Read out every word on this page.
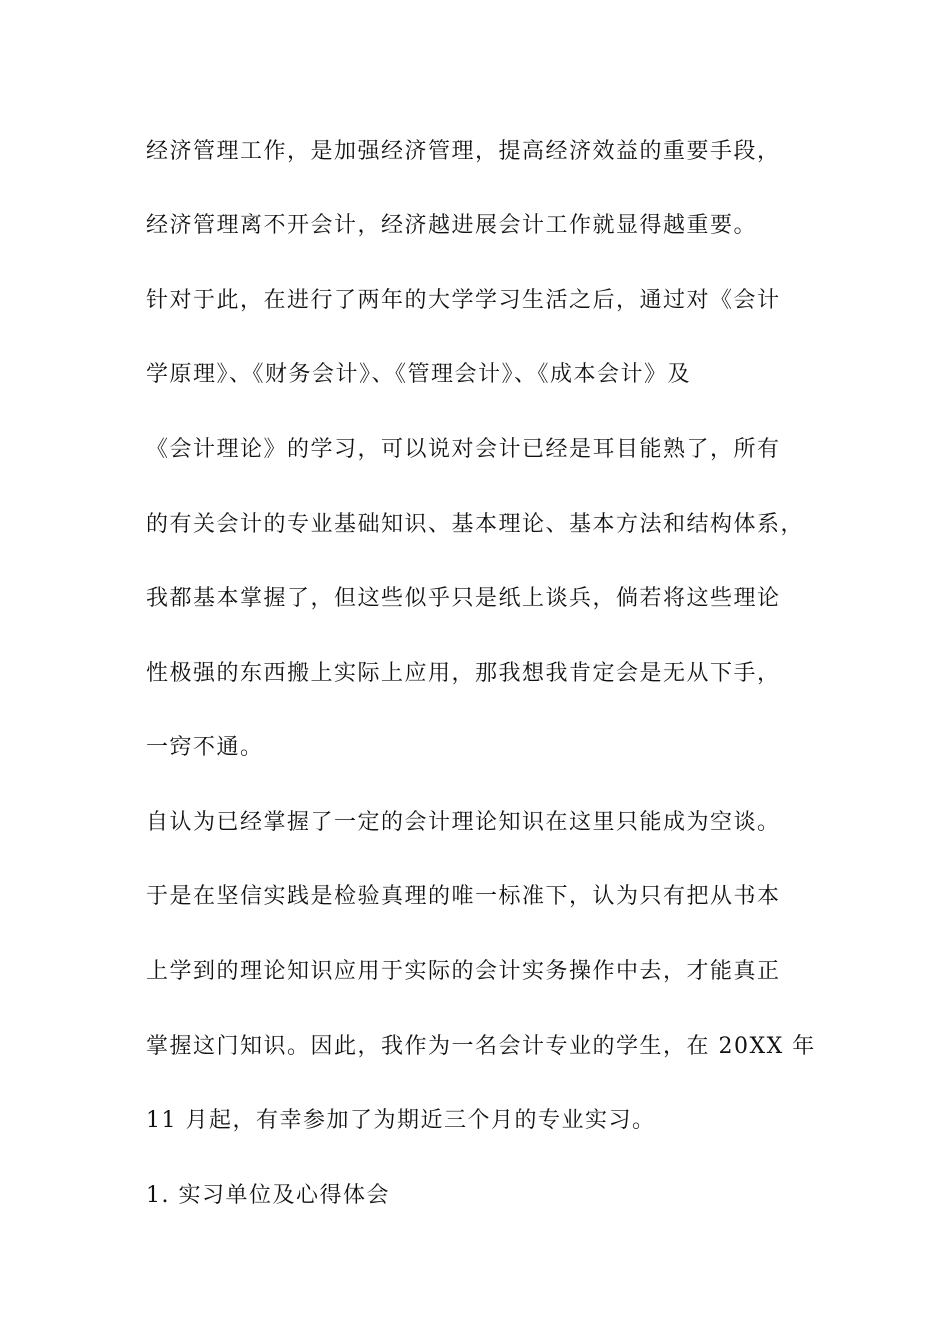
经济管理工作，是加强经济管理，提高经济效益的重要手段，
经济管理离不开会计，经济越进展会计工作就显得越重要。
针对于此，在进行了两年的大学学习生活之后，通过对《会计
学原理》、《财务会计》、《管理会计》、《成本会计》及
《会计理论》的学习，可以说对会计已经是耳目能熟了，所有
的有关会计的专业基础知识、基本理论、基本方法和结构体系，
我都基本掌握了，但这些似乎只是纸上谈兵，倘若将这些理论
性极强的东西搬上实际上应用，那我想我肯定会是无从下手，
一窍不通。
自认为已经掌握了一定的会计理论知识在这里只能成为空谈。
于是在坚信实践是检验真理的唯一标准下，认为只有把从书本
上学到的理论知识应用于实际的会计实务操作中去，才能真正
掌握这门知识。因此，我作为一名会计专业的学生，在 20XX 年
11 月起，有幸参加了为期近三个月的专业实习。
1. 实习单位及心得体会
